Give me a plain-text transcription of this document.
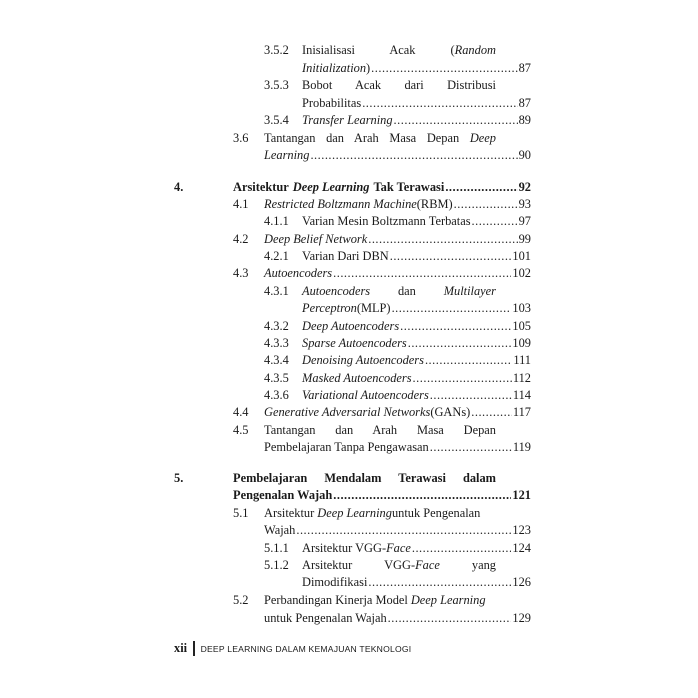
3.5.2 Inisialisasi	Acak	(Random
Initialization) .....	87
3.5.3 Bobot Acak dari Distribusi
Probabilitas .....	87
3.5.4 Transfer Learning .....	89
3.6 Tantangan dan Arah Masa Depan Deep
Learning .....	90
4.	Arsitektur Deep Learning Tak Terawasi .....	92
4.1 Restricted Boltzmann Machine (RBM) .....	93
4.1.1 Varian Mesin Boltzmann Terbatas .....	97
4.2 Deep Belief Network .....	99
4.2.1 Varian Dari DBN .....	101
4.3 Autoencoders .....	102
4.3.1 Autoencoders dan Multilayer
Perceptron (MLP) .....	103
4.3.2 Deep Autoencoders .....	105
4.3.3 Sparse Autoencoders .....	109
4.3.4 Denoising Autoencoders .....	111
4.3.5 Masked Autoencoders .....	112
4.3.6 Variational Autoencoders .....	114
4.4 Generative Adversarial Networks (GANs) .....	117
4.5 Tantangan dan Arah Masa Depan
Pembelajaran Tanpa Pengawasan .....	119
5.	Pembelajaran Mendalam Terawasi dalam
Pengenalan Wajah .....	121
5.1 Arsitektur Deep Learning untuk Pengenalan
Wajah .....	123
5.1.1 Arsitektur VGG- Face .....	124
5.1.2 Arsitektur	VGG-Face	yang
Dimodifikasi .....	126
5.2 Perbandingan Kinerja Model Deep Learning
untuk Pengenalan Wajah .....	129
xii DEEP LEARNING DALAM KEMAJUAN TEKNOLOGI
